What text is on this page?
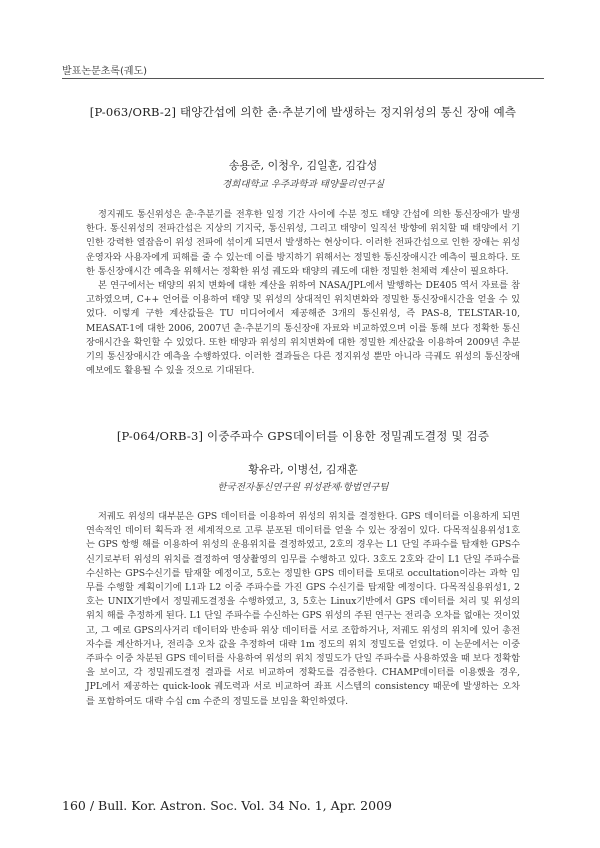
발표논문초록(궤도)
[P-063/ORB-2] 태양간섭에 의한 춘·추분기에 발생하는 정지위성의 통신 장애 예측
송용준, 이청우, 김일훈, 김갑성
경희대학교 우주과학과 태양물리연구실

정지궤도 통신위성은 춘·추분기를 전후한 일정 기간 사이에 수분 정도 태양 간섭에 의한 통신장애가 발생한다. 통신위성의 전파간섭은 지상의 기지국, 통신위성, 그리고 태양이 일직선 방향에 위치할 때 태양에서 기인한 강력한 열잡음이 위성 전파에 섞이게 되면서 발생하는 현상이다. 이러한 전파간섭으로 인한 장애는 위성 운영자와 사용자에게 피해를 줄 수 있는데 이를 방지하기 위해서는 정밀한 통신장애시간 예측이 필요하다. 또한 통신장애시간 예측을 위해서는 정확한 위성 궤도와 태양의 궤도에 대한 정밀한 천체력 계산이 필요하다.

본 연구에서는 태양의 위치 변화에 대한 계산을 위하여 NASA/JPL에서 발행하는 DE405 역서 자료를 참고하였으며, C++ 언어를 이용하여 태양 및 위성의 상대적인 위치변화와 정밀한 통신장애시간을 얻을 수 있었다. 이렇게 구한 계산값들은 TU 미디어에서 제공해준 3개의 통신위성, 즉 PAS-8, TELSTAR-10, MEASAT-1에 대한 2006, 2007년 춘·추분기의 통신장애 자료와 비교하였으며 이를 통해 보다 정확한 통신장애시간을 확인할 수 있었다. 또한 태양과 위성의 위치변화에 대한 정밀한 계산값을 이용하여 2009년 추분기의 통신장애시간 예측을 수행하였다. 이러한 결과들은 다른 정지위성 뿐만 아니라 극궤도 위성의 통신장애 예보에도 활용될 수 있을 것으로 기대된다.

[P-064/ORB-3] 이중주파수 GPS데이터를 이용한 정밀궤도결정 및 검증
황유라, 이병선, 김재훈
한국전자통신연구원 위성관제·항법연구팀

저궤도 위성의 대부분은 GPS 데이터를 이용하여 위성의 위치를 결정한다. GPS 데이터를 이용하게 되면 연속적인 데이터 획득과 전 세계적으로 고루 분포된 데이터를 얻을 수 있는 장점이 있다. 다목적실용위성1호는 GPS 항행 해를 이용하여 위성의 운용위치를 결정하였고, 2호의 경우는 L1 단일 주파수를 탑재한 GPS수신기로부터 위성의 위치를 결정하여 영상촬영의 임무를 수행하고 있다. 3호도 2호와 같이 L1 단일 주파수를 수신하는 GPS수신기를 탑재할 예정이고, 5호는 정밀한 GPS 데이터를 토대로 occultation이라는 과학 임무를 수행할 계획이기에 L1과 L2 이중 주파수를 가진 GPS 수신기를 탑재할 예정이다. 다목적실용위성1, 2호는 UNIX기반에서 정밀궤도결정을 수행하였고, 3, 5호는 Linux기반에서 GPS 데이터를 처리 및 위성의 위치 해를 추정하게 된다. L1 단일 주파수를 수신하는 GPS 위성의 주된 연구는 전리층 오차를 없애는 것이었고, 그 예로 GPS의사거리 데이터와 반송파 위상 데이터를 서로 조합하거나, 저궤도 위성의 위치에 있어 총전자수를 계산하거나, 전리층 오차 값을 추정하여 대략 1m 정도의 위치 정밀도를 얻었다. 이 논문에서는 이중 주파수 이중 차분된 GPS 데이터를 사용하여 위성의 위치 정밀도가 단일 주파수를 사용하였을 때 보다 정확함을 보이고, 각 정밀궤도결정 결과를 서로 비교하여 정확도를 검증한다. CHAMP데이터를 이용했을 경우, JPL에서 제공하는 quick-look 궤도력과 서로 비교하여 좌표 시스템의 consistency 때문에 발생하는 오차를 포함하여도 대략 수십 cm 수준의 정밀도를 보임을 확인하였다.

160 / Bull. Kor. Astron. Soc. Vol. 34 No. 1, Apr. 2009
